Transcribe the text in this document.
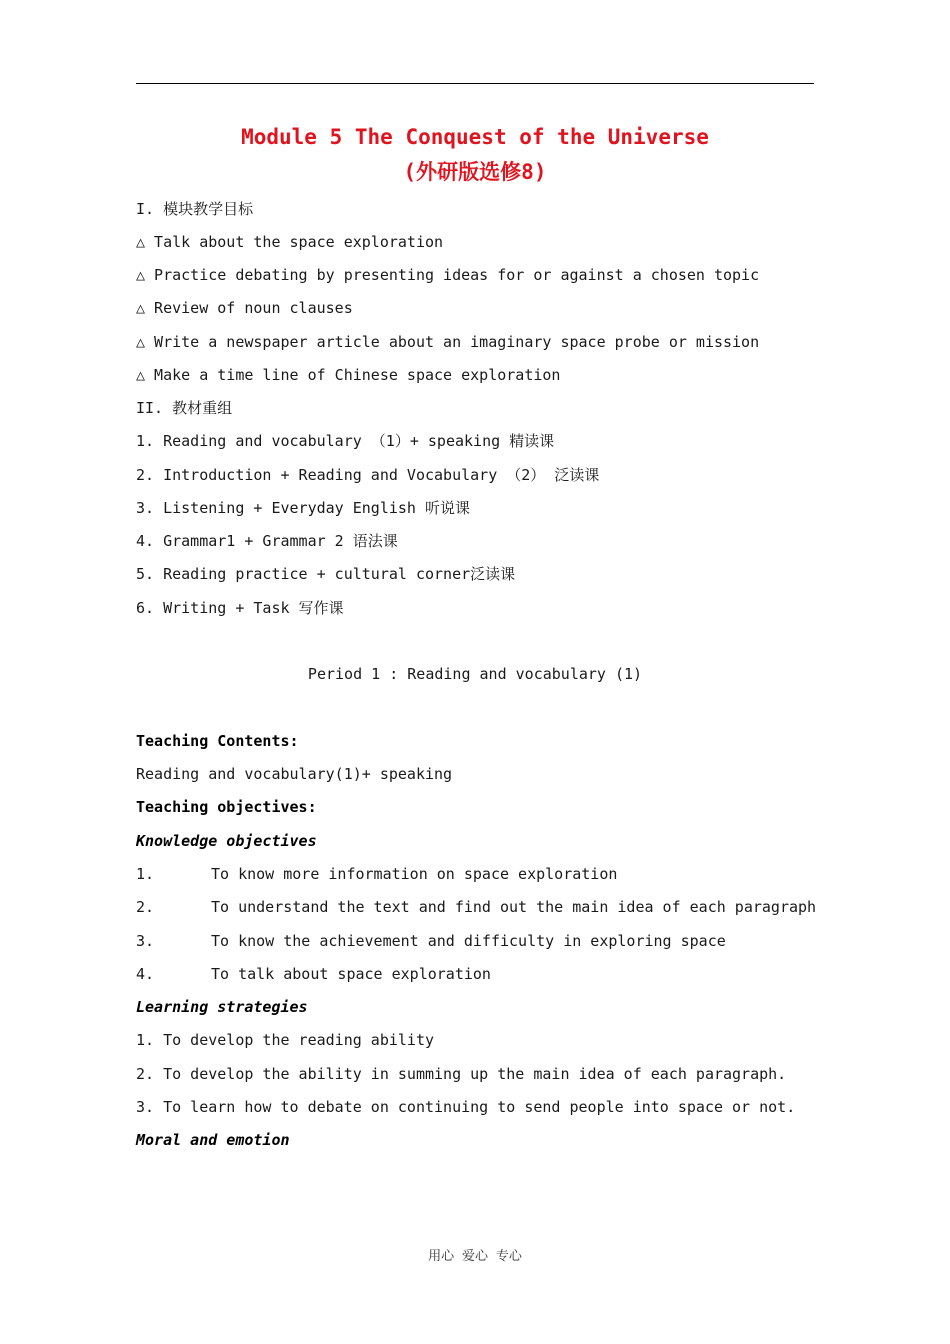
Module 5 The Conquest of the Universe
(外研版选修8)
I. 模块教学目标
△ Talk about the space exploration
△ Practice debating by presenting ideas for or against a chosen topic
△ Review of noun clauses
△ Write a newspaper article about an imaginary space probe or mission
△ Make a time line of Chinese space exploration
II. 教材重组
1. Reading and vocabulary （1）+ speaking 精读课
2. Introduction + Reading and Vocabulary （2） 泛读课
3. Listening + Everyday English 听说课
4. Grammar1 + Grammar 2 语法课
5. Reading practice + cultural corner泛读课
6. Writing + Task 写作课
Period 1 : Reading and vocabulary (1)
Teaching Contents:
Reading and vocabulary(1)+ speaking
Teaching objectives:
Knowledge objectives
1.	To know more information on space exploration
2.	To understand the text and find out the main idea of each paragraph
3.	To know the achievement and difficulty in exploring space
4.	To talk about space exploration
Learning strategies
1. To develop the reading ability
2. To develop the ability in summing up the main idea of each paragraph.
3. To learn how to debate on continuing to send people into space or not.
Moral and emotion
用心 爱心 专心
